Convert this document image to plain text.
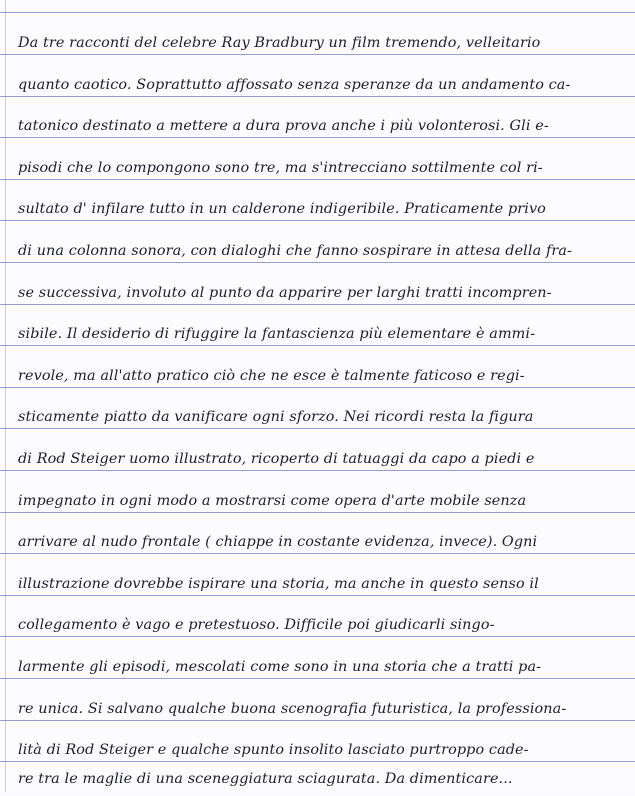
Da tre racconti del celebre Ray Bradbury un film tremendo, velleitario
quanto caotico. Soprattutto affossato senza speranze da un andamento ca-
tatonico destinato a mettere a dura prova anche i più volonterosi. Gli e-
pisodi che lo compongono sono tre, ma s'intrecciano sottilmente col ri-
sultato d' infilare tutto in un calderone indigeribile. Praticamente privo
di una colonna sonora, con dialoghi che fanno sospirare in attesa della fra-
se successiva, involuto al punto da apparire per larghi tratti incompren-
sibile. Il desiderio di rifuggire la fantascienza più elementare è ammi-
revole, ma all'atto pratico ciò che ne esce è talmente faticoso e regi-
sticamente piatto da vanificare ogni sforzo. Nei ricordi resta la figura
di Rod Steiger uomo illustrato, ricoperto di tatuaggi da capo a piedi e
impegnato in ogni modo a mostrarsi come opera d'arte mobile senza
arrivare al nudo frontale ( chiappe in costante evidenza, invece). Ogni
illustrazione dovrebbe ispirare una storia, ma anche in questo senso il
collegamento è vago e pretestuoso. Difficile poi giudicarli singo-
larmente gli episodi, mescolati come sono in una storia che a tratti pa-
re unica. Si salvano qualche buona scenografia futuristica, la professiona-
lità di Rod Steiger e qualche spunto insolito lasciato purtroppo cade-
re tra le maglie di una sceneggiatura sciagurata. Da dimenticare...
